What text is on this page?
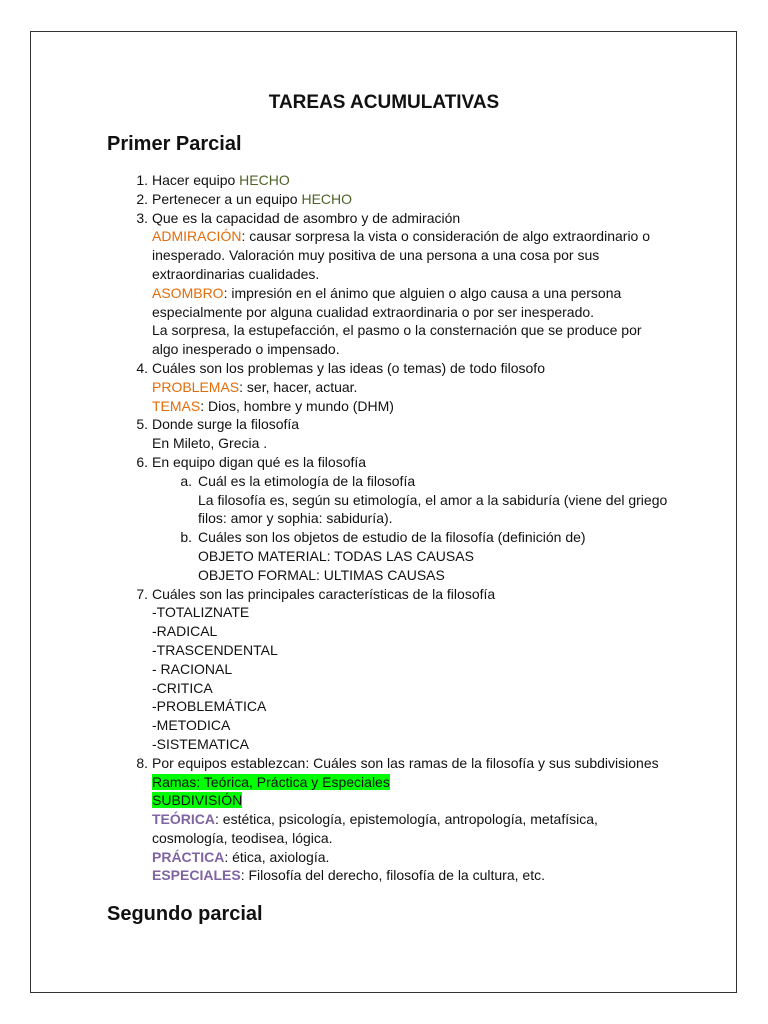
TAREAS ACUMULATIVAS
Primer Parcial
1. Hacer equipo HECHO
2. Pertenecer a un equipo HECHO
3. Que es la capacidad de asombro y de admiración
ADMIRACIÓN: causar sorpresa la vista o consideración de algo extraordinario o
inesperado. Valoración muy positiva de una persona a una cosa por sus
extraordinarias cualidades.
ASOMBRO: impresión en el ánimo que alguien o algo causa a una persona
especialmente por alguna cualidad extraordinaria o por ser inesperado.
La sorpresa, la estupefacción, el pasmo o la consternación que se produce por
algo inesperado o impensado.
4. Cuáles son los problemas y las ideas (o temas) de todo filosofo
PROBLEMAS: ser, hacer, actuar.
TEMAS: Dios, hombre y mundo (DHM)
5. Donde surge la filosofía
En Mileto, Grecia .
6. En equipo digan qué es la filosofía
a. Cuál es la etimología de la filosofía
La filosofía es, según su etimología, el amor a la sabiduría (viene del griego
filos: amor y sophia: sabiduría).
b. Cuáles son los objetos de estudio de la filosofía (definición de)
OBJETO MATERIAL: TODAS LAS CAUSAS
OBJETO FORMAL: ULTIMAS CAUSAS
7. Cuáles son las principales características de la filosofía
-TOTALIZNATE
-RADICAL
-TRASCENDENTAL
- RACIONAL
-CRITICA
-PROBLEMÁTICA
-METODICA
-SISTEMATICA
8. Por equipos establezcan: Cuáles son las ramas de la filosofía y sus subdivisiones
Ramas: Teórica, Práctica y Especiales
SUBDIVISIÓN
TEÓRICA: estética, psicología, epistemología, antropología, metafísica,
cosmología, teodisea, lógica.
PRÁCTICA: ética, axiología.
ESPECIALES: Filosofía del derecho, filosofía de la cultura, etc.
Segundo parcial
